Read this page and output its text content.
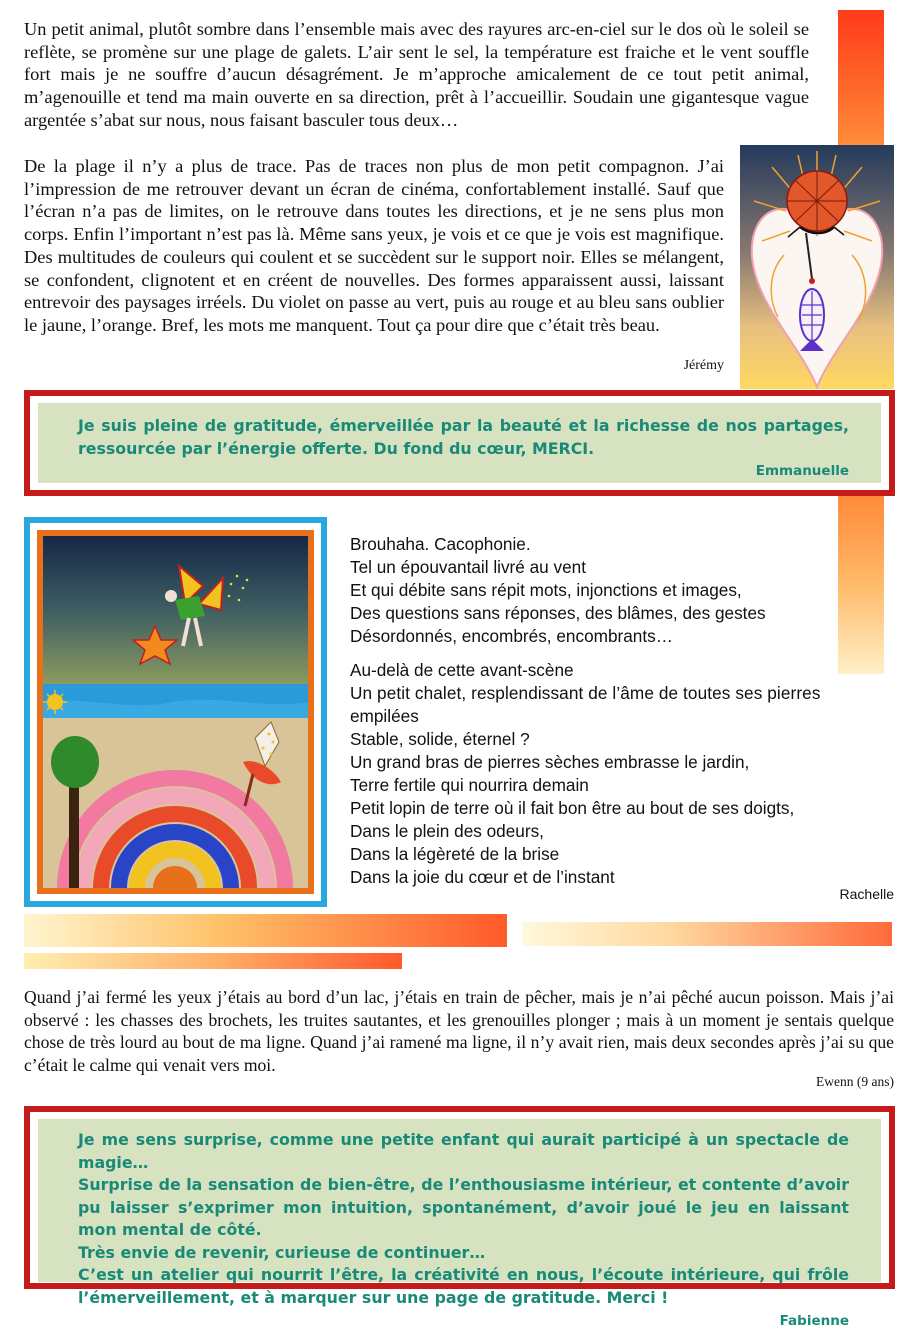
Un petit animal, plutôt sombre dans l’ensemble mais avec des rayures arc-en-ciel sur le dos où le soleil se reflète, se promène sur une plage de galets. L’air sent le sel, la température est fraiche et le vent souffle fort mais je ne souffre d’aucun désagrément. Je m’approche amicalement de ce tout petit animal, m’agenouille et tend ma main ouverte en sa direction, prêt à l’accueillir. Soudain une gigantesque vague argentée s’abat sur nous, nous faisant basculer tous deux…

De la plage il n’y a plus de trace. Pas de traces non plus de mon petit compagnon. J’ai l’impression de me retrouver devant un écran de cinéma, confortablement installé. Sauf que l’écran n’a pas de limites, on le retrouve dans toutes les directions, et je ne sens plus mon corps. Enfin l’important n’est pas là. Même sans yeux, je vois et ce que je vois est magnifique. Des multitudes de couleurs qui coulent et se succèdent sur le support noir. Elles se mélangent, se confondent, clignotent et en créent de nouvelles. Des formes apparaissent aussi, laissant entrevoir des paysages irréels. Du violet on passe au vert, puis au rouge et au bleu sans oublier le jaune, l’orange. Bref, les mots me manquent. Tout ça pour dire que c’était très beau.

Jérémy

Je suis pleine de gratitude, émerveillée par la beauté et la richesse de nos partages, ressourcée par l’énergie offerte. Du fond du cœur, MERCI.

Emmanuelle
Brouhaha. Cacophonie.
Tel un épouvantail livré au vent
Et qui débite sans répit mots, injonctions et images,
Des questions sans réponses, des blâmes, des gestes
Désordonnés, encombrés, encombrants…
Au-delà de cette avant-scène
Un petit chalet, resplendissant de l’âme de toutes ses pierres
empilées
Stable, solide, éternel ?
Un grand bras de pierres sèches embrasse le jardin,
Terre fertile qui nourrira demain
Petit lopin de terre où il fait bon être au bout de ses doigts,
Dans le plein des odeurs,
Dans la légèreté de la brise
Dans la joie du cœur et de l’instant
Rachelle

Quand j’ai fermé les yeux j’étais au bord d’un lac, j’étais en train de pêcher, mais je n’ai pêché aucun poisson. Mais j’ai observé : les chasses des brochets, les truites sautantes, et les grenouilles plonger ; mais à un moment je sentais quelque chose de très lourd au bout de ma ligne. Quand j’ai ramené ma ligne, il n’y avait rien, mais deux secondes après j’ai su que c’était le calme qui venait vers moi.

Ewenn (9 ans)

Je me sens surprise, comme une petite enfant qui aurait participé à un spectacle de magie…

Surprise de la sensation de bien-être, de l’enthousiasme intérieur, et contente d’avoir pu laisser s’exprimer mon intuition, spontanément, d’avoir joué le jeu en laissant mon mental de côté.

Très envie de revenir, curieuse de continuer…

C’est un atelier qui nourrit l’être, la créativité en nous, l’écoute intérieure, qui frôle l’émerveillement, et à marquer sur une page de gratitude. Merci !

Fabienne
